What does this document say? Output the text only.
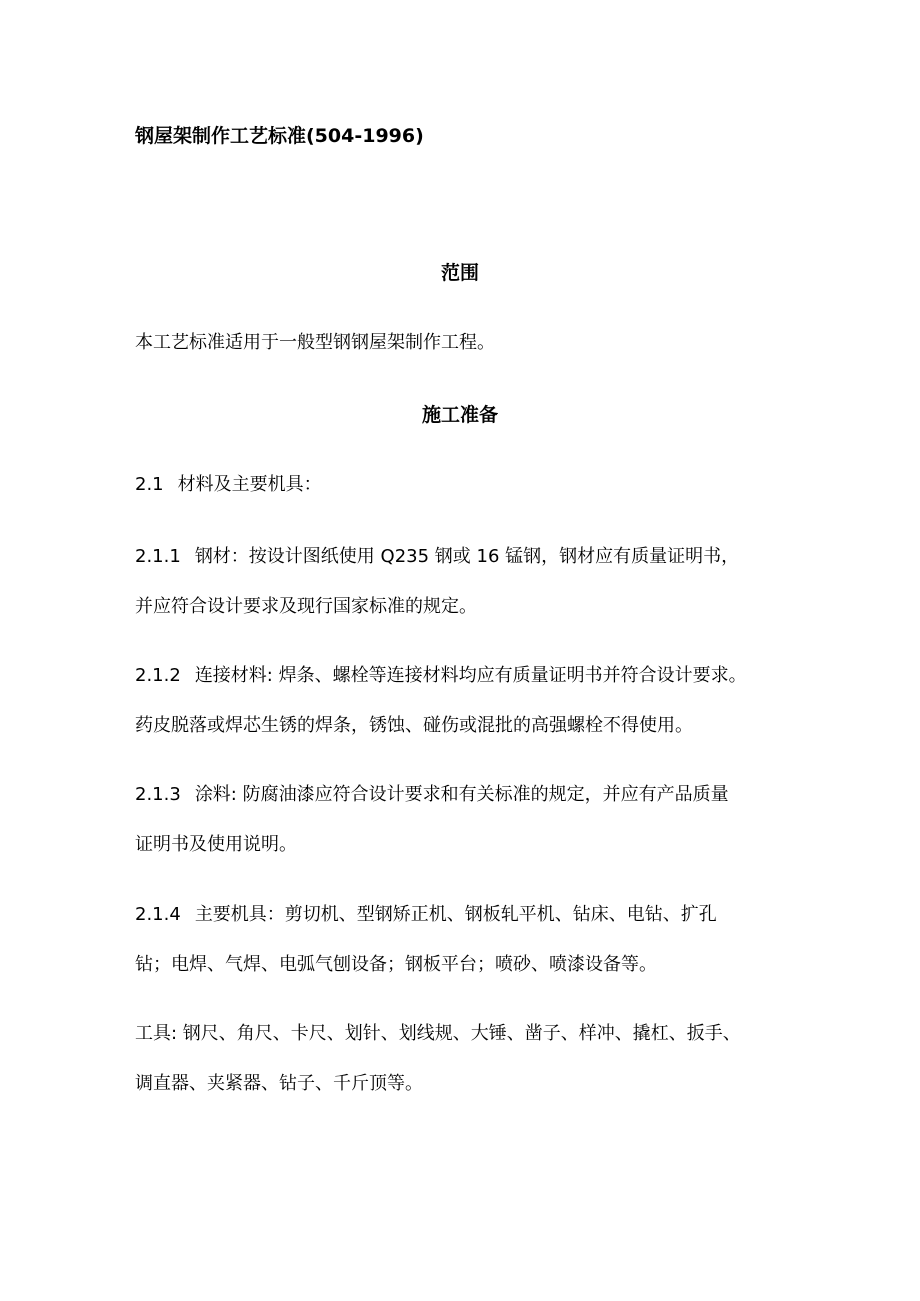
钢屋架制作工艺标准(504-1996)
范围
本工艺标准适用于一般型钢钢屋架制作工程。
施工准备
2.1 材料及主要机具：
2.1.1 钢材：按设计图纸使用 Q235 钢或 16 锰钢，钢材应有质量证明书，
并应符合设计要求及现行国家标准的规定。
2.1.2 连接材料: 焊条、螺栓等连接材料均应有质量证明书并符合设计要求。
药皮脱落或焊芯生锈的焊条，锈蚀、碰伤或混批的高强螺栓不得使用。
2.1.3 涂料: 防腐油漆应符合设计要求和有关标准的规定，并应有产品质量
证明书及使用说明。
2.1.4 主要机具：剪切机、型钢矫正机、钢板轧平机、钻床、电钻、扩孔
钻；电焊、气焊、电弧气刨设备；钢板平台；喷砂、喷漆设备等。
工具: 钢尺、角尺、卡尺、划针、划线规、大锤、凿子、样冲、撬杠、扳手、
调直器、夹紧器、钻子、千斤顶等。
